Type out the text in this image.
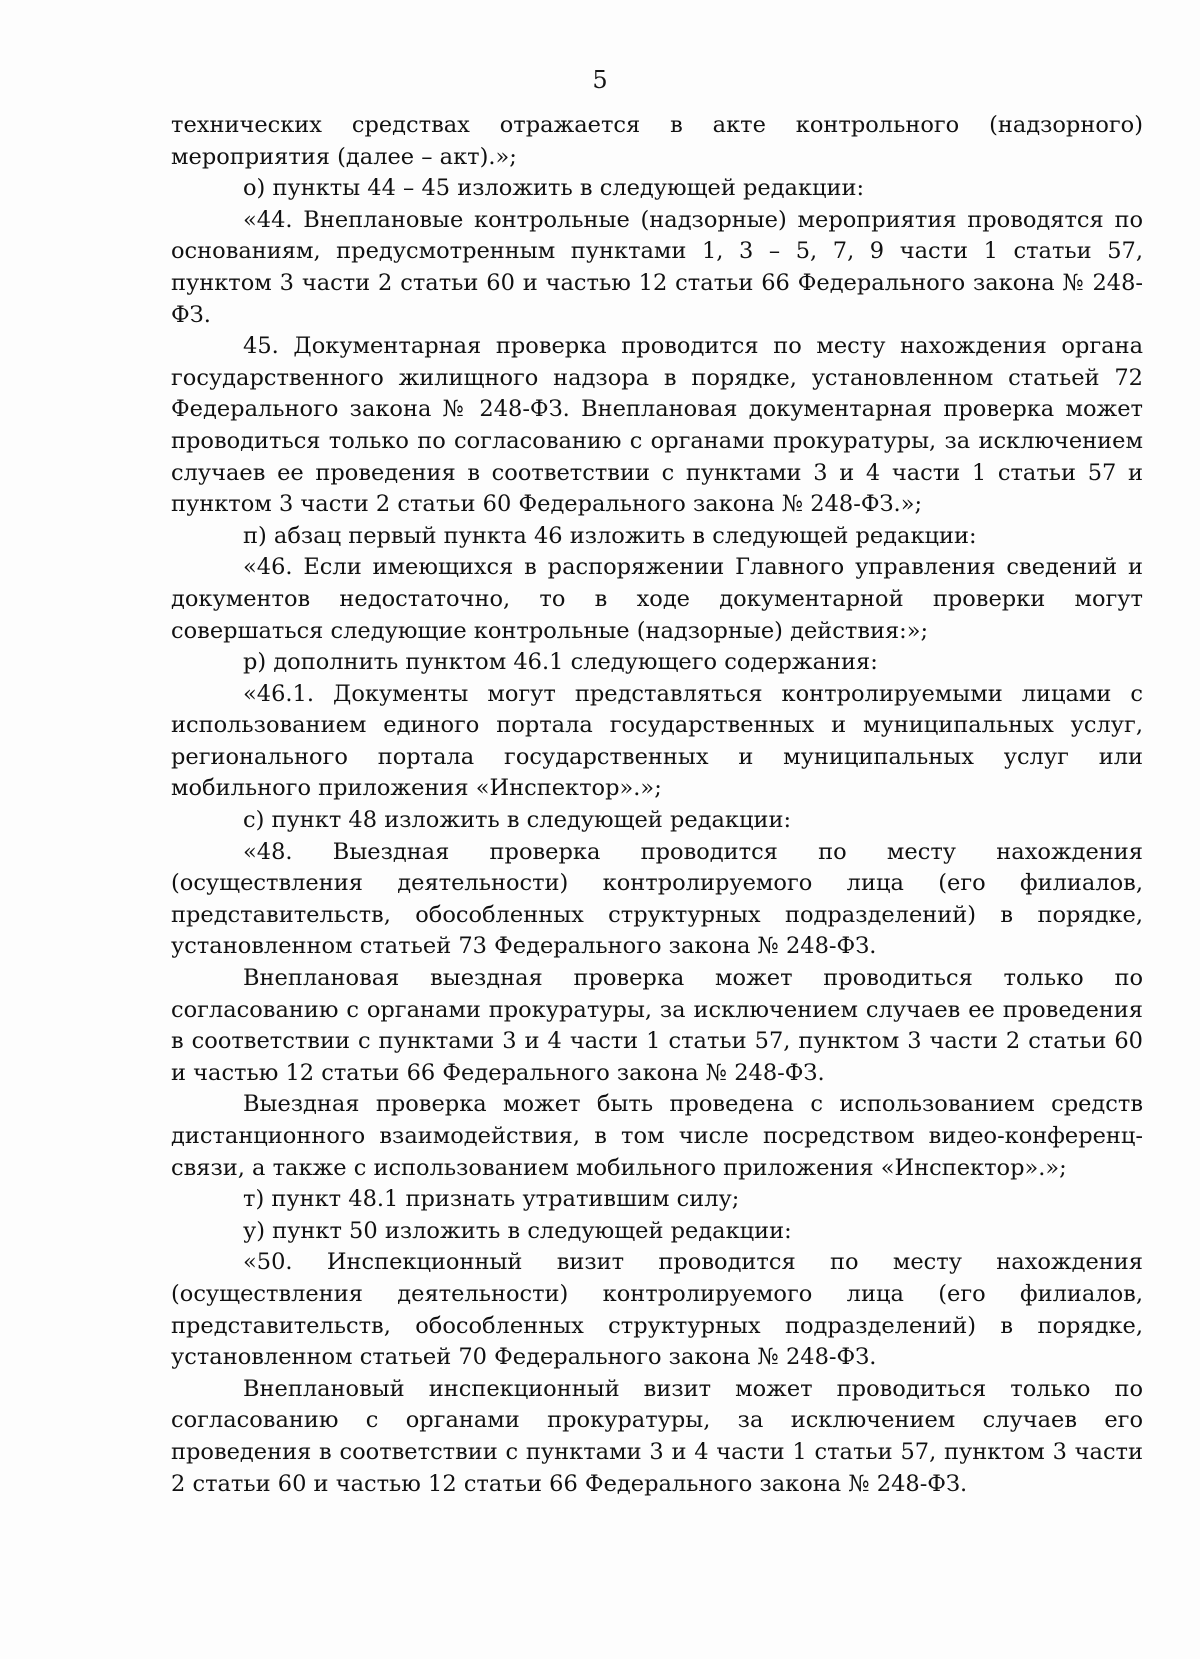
5

технических средствах отражается в акте контрольного (надзорного) мероприятия (далее – акт).»;

о) пункты 44 – 45 изложить в следующей редакции:

«44. Внеплановые контрольные (надзорные) мероприятия проводятся по основаниям, предусмотренным пунктами 1, 3 – 5, 7, 9 части 1 статьи 57, пунктом 3 части 2 статьи 60 и частью 12 статьи 66 Федерального закона № 248-ФЗ.

45. Документарная проверка проводится по месту нахождения органа государственного жилищного надзора в порядке, установленном статьей 72 Федерального закона № 248-ФЗ. Внеплановая документарная проверка может проводиться только по согласованию с органами прокуратуры, за исключением случаев ее проведения в соответствии с пунктами 3 и 4 части 1 статьи 57 и пунктом 3 части 2 статьи 60 Федерального закона № 248-ФЗ.»;

п) абзац первый пункта 46 изложить в следующей редакции:

«46. Если имеющихся в распоряжении Главного управления сведений и документов недостаточно, то в ходе документарной проверки могут совершаться следующие контрольные (надзорные) действия:»;

р) дополнить пунктом 46.1 следующего содержания:

«46.1. Документы могут представляться контролируемыми лицами с использованием единого портала государственных и муниципальных услуг, регионального портала государственных и муниципальных услуг или мобильного приложения «Инспектор».»;

с) пункт 48 изложить в следующей редакции:

«48. Выездная проверка проводится по месту нахождения (осуществления деятельности) контролируемого лица (его филиалов, представительств, обособленных структурных подразделений) в порядке, установленном статьей 73 Федерального закона № 248-ФЗ.

Внеплановая выездная проверка может проводиться только по согласованию с органами прокуратуры, за исключением случаев ее проведения в соответствии с пунктами 3 и 4 части 1 статьи 57, пунктом 3 части 2 статьи 60 и частью 12 статьи 66 Федерального закона № 248-ФЗ.

Выездная проверка может быть проведена с использованием средств дистанционного взаимодействия, в том числе посредством видео-конференц-связи, а также с использованием мобильного приложения «Инспектор».»;

т) пункт 48.1 признать утратившим силу;

у) пункт 50 изложить в следующей редакции:

«50. Инспекционный визит проводится по месту нахождения (осуществления деятельности) контролируемого лица (его филиалов, представительств, обособленных структурных подразделений) в порядке, установленном статьей 70 Федерального закона № 248-ФЗ.

Внеплановый инспекционный визит может проводиться только по согласованию с органами прокуратуры, за исключением случаев его проведения в соответствии с пунктами 3 и 4 части 1 статьи 57, пунктом 3 части 2 статьи 60 и частью 12 статьи 66 Федерального закона № 248-ФЗ.
